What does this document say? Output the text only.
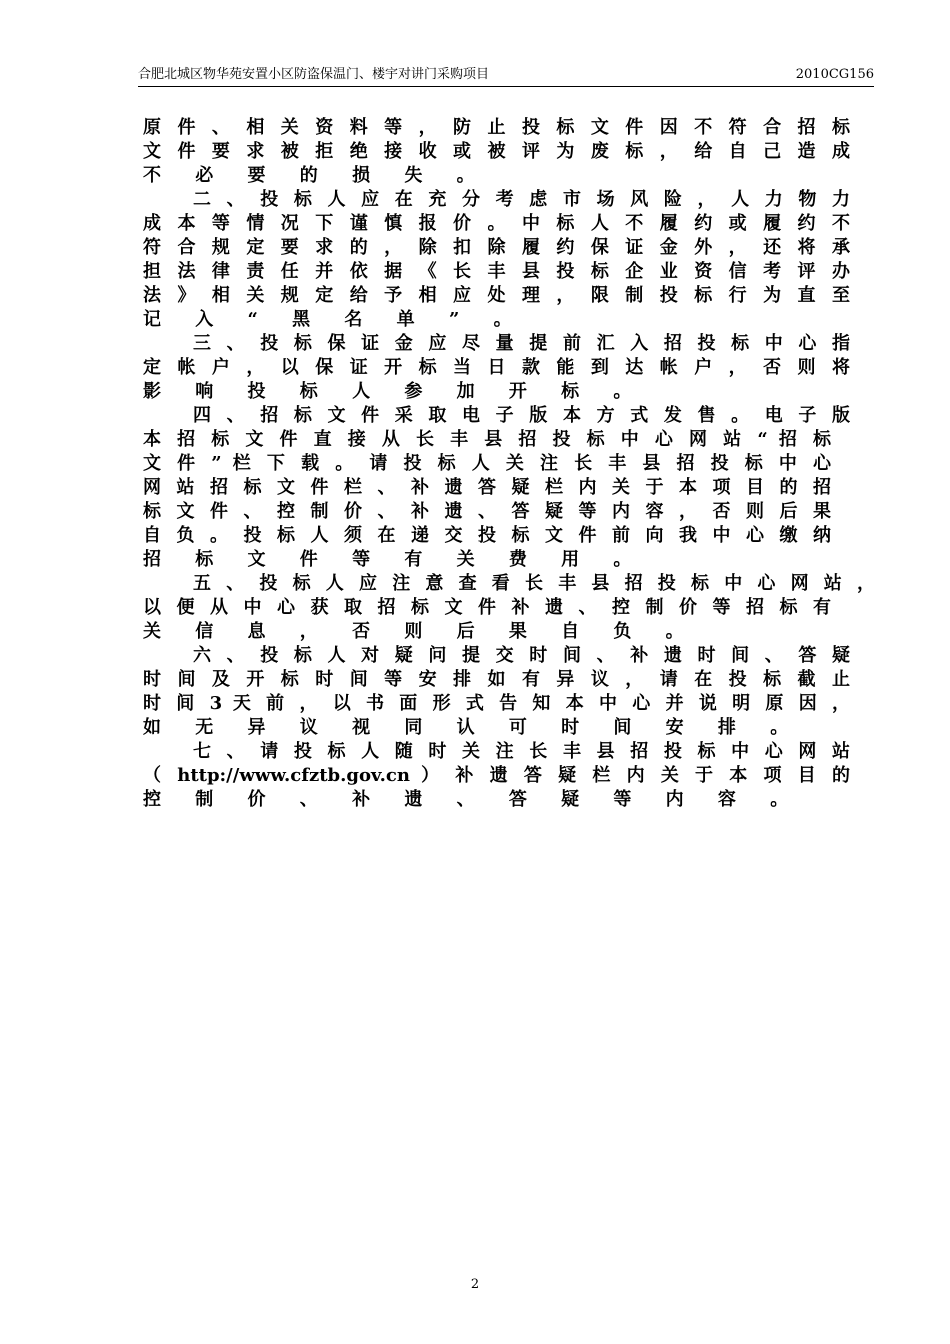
合肥北城区物华苑安置小区防盗保温门、楼宇对讲门采购项目	2010CG156
原 件 、 相 关 资 料 等 ， 防 止 投 标 文 件 因 不 符 合 招 标
文 件 要 求 被 拒 绝 接 收 或 被 评 为 废 标 ， 给 自 己 造 成
不 必 要 的 损 失 。
二 、 投 标 人 应 在 充 分 考 虑 市 场 风 险 ， 人 力 物 力
成 本 等 情 况 下 谨 慎 报 价 。 中 标 人 不 履 约 或 履 约 不
符 合 规 定 要 求 的 ， 除 扣 除 履 约 保 证 金 外 ， 还 将 承
担 法 律 责 任 并 依 据 《 长 丰 县 投 标 企 业 资 信 考 评 办
法 》 相 关 规 定 给 予 相 应 处 理 ， 限 制 投 标 行 为 直 至
记 入 “ 黑 名 单 ” 。
三 、 投 标 保 证 金 应 尽 量 提 前 汇 入 招 投 标 中 心 指
定 帐 户 ， 以 保 证 开 标 当 日 款 能 到 达 帐 户 ， 否 则 将
影 响 投 标 人 参 加 开 标 。
四 、 招 标 文 件 采 取 电 子 版 本 方 式 发 售 。 电 子 版
本 招 标 文 件 直 接 从 长 丰 县 招 投 标 中 心 网 站 “ 招 标
文 件 ” 栏 下 载 。 请 投 标 人 关 注 长 丰 县 招 投 标 中 心
网 站 招 标 文 件 栏 、 补 遗 答 疑 栏 内 关 于 本 项 目 的 招
标 文 件 、 控 制 价 、 补 遗 、 答 疑 等 内 容 ， 否 则 后 果
自 负 。 投 标 人 须 在 递 交 投 标 文 件 前 向 我 中 心 缴 纳
招 标 文 件 等 有 关 费 用 。
五 、 投 标 人 应 注 意 查 看 长 丰 县 招 投 标 中 心 网 站 ，
以 便 从 中 心 获 取 招 标 文 件 补 遗 、 控 制 价 等 招 标 有
关 信 息 ， 否 则 后 果 自 负 。
六 、 投 标 人 对 疑 问 提 交 时 间 、 补 遗 时 间 、 答 疑
时 间 及 开 标 时 间 等 安 排 如 有 异 议 ， 请 在 投 标 截 止
时 间 3 天 前 ， 以 书 面 形 式 告 知 本 中 心 并 说 明 原 因 ，
如 无 异 议 视 同 认 可 时 间 安 排 。
七 、 请 投 标 人 随 时 关 注 长 丰 县 招 投 标 中 心 网 站
（ http://www.cfztb.gov.cn ） 补 遗 答 疑 栏 内 关 于 本 项 目 的
控 制 价 、 补 遗 、 答 疑 等 内 容 。
2
